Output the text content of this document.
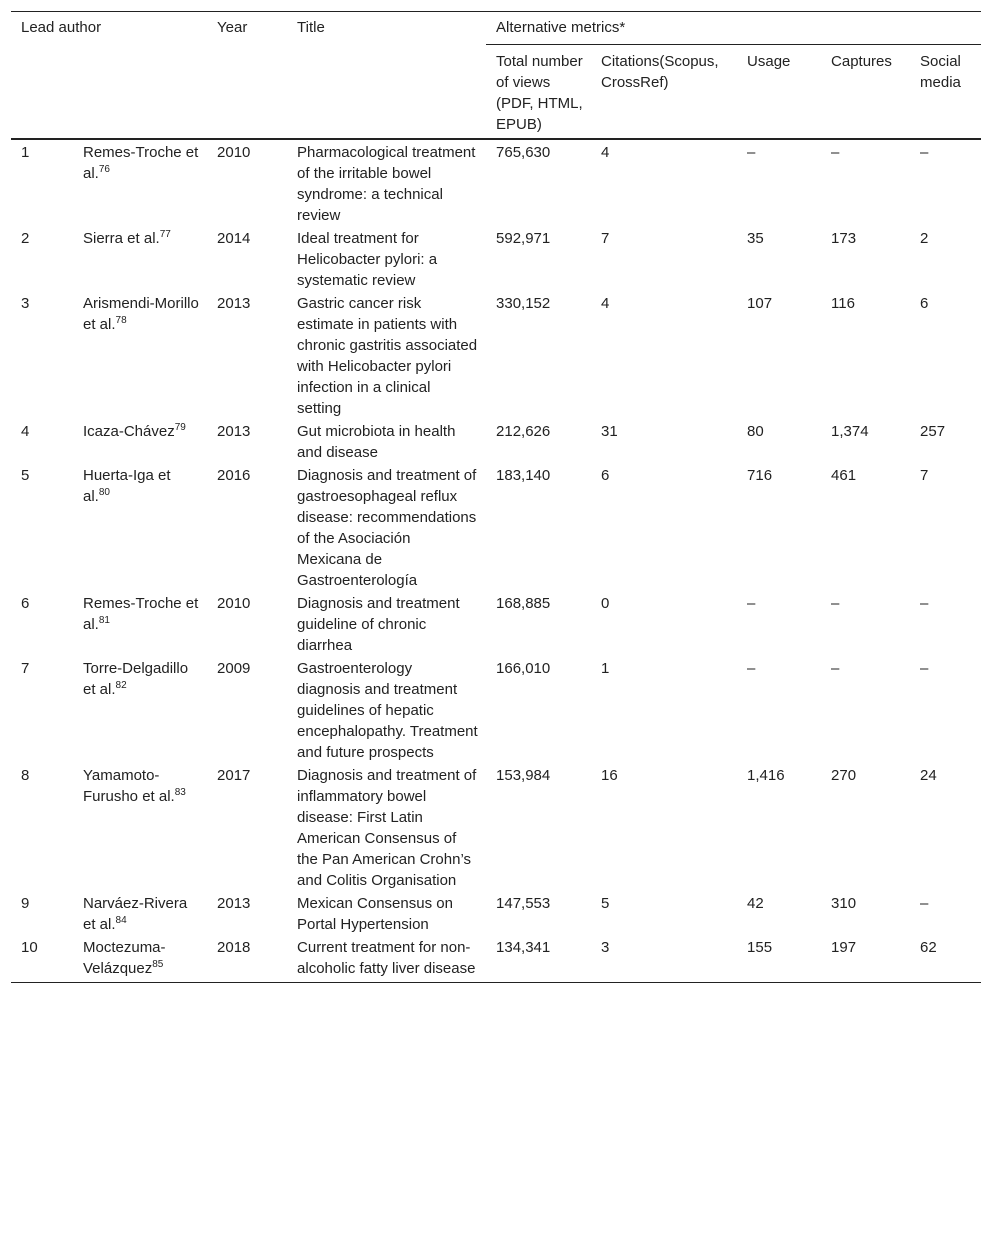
Lead author		Year	Title	Alternative metrics*				
				Total number of views (PDF, HTML, EPUB)	Citations(Scopus, CrossRef)	Usage	Captures	Social media
1	Remes-Troche et al.$^{76}$	2010	Pharmacological treatment of the irritable bowel syndrome: a technical review	765,630	4	–	–	–
2	Sierra et al.$^{77}$	2014	Ideal treatment for Helicobacter pylori: a systematic review	592,971	7	35	173	2
3	Arismendi-Morillo et al.$^{78}$	2013	Gastric cancer risk estimate in patients with chronic gastritis associated with Helicobacter pylori infection in a clinical setting	330,152	4	107	116	6
4	Icaza-Chávez$^{79}$	2013	Gut microbiota in health and disease	212,626	31	80	1,374	257
5	Huerta-Iga et al.$^{80}$	2016	Diagnosis and treatment of gastroesophageal reflux disease: recommendations of the Asociación Mexicana de Gastroenterología	183,140	6	716	461	7
6	Remes-Troche et al.$^{81}$	2010	Diagnosis and treatment guideline of chronic diarrhea	168,885	0	–	–	–
7	Torre-Delgadillo et al.$^{82}$	2009	Gastroenterology diagnosis and treatment guidelines of hepatic encephalopathy. Treatment and future prospects	166,010	1	–	–	–
8	Yamamoto-Furusho et al.$^{83}$	2017	Diagnosis and treatment of inflammatory bowel disease: First Latin American Consensus of the Pan American Crohn’s and Colitis Organisation	153,984	16	1,416	270	24
9	Narváez-Rivera et al.$^{84}$	2013	Mexican Consensus on Portal Hypertension	147,553	5	42	310	–
10	Moctezuma-Velázquez$^{85}$	2018	Current treatment for non-alcoholic fatty liver disease	134,341	3	155	197	62
